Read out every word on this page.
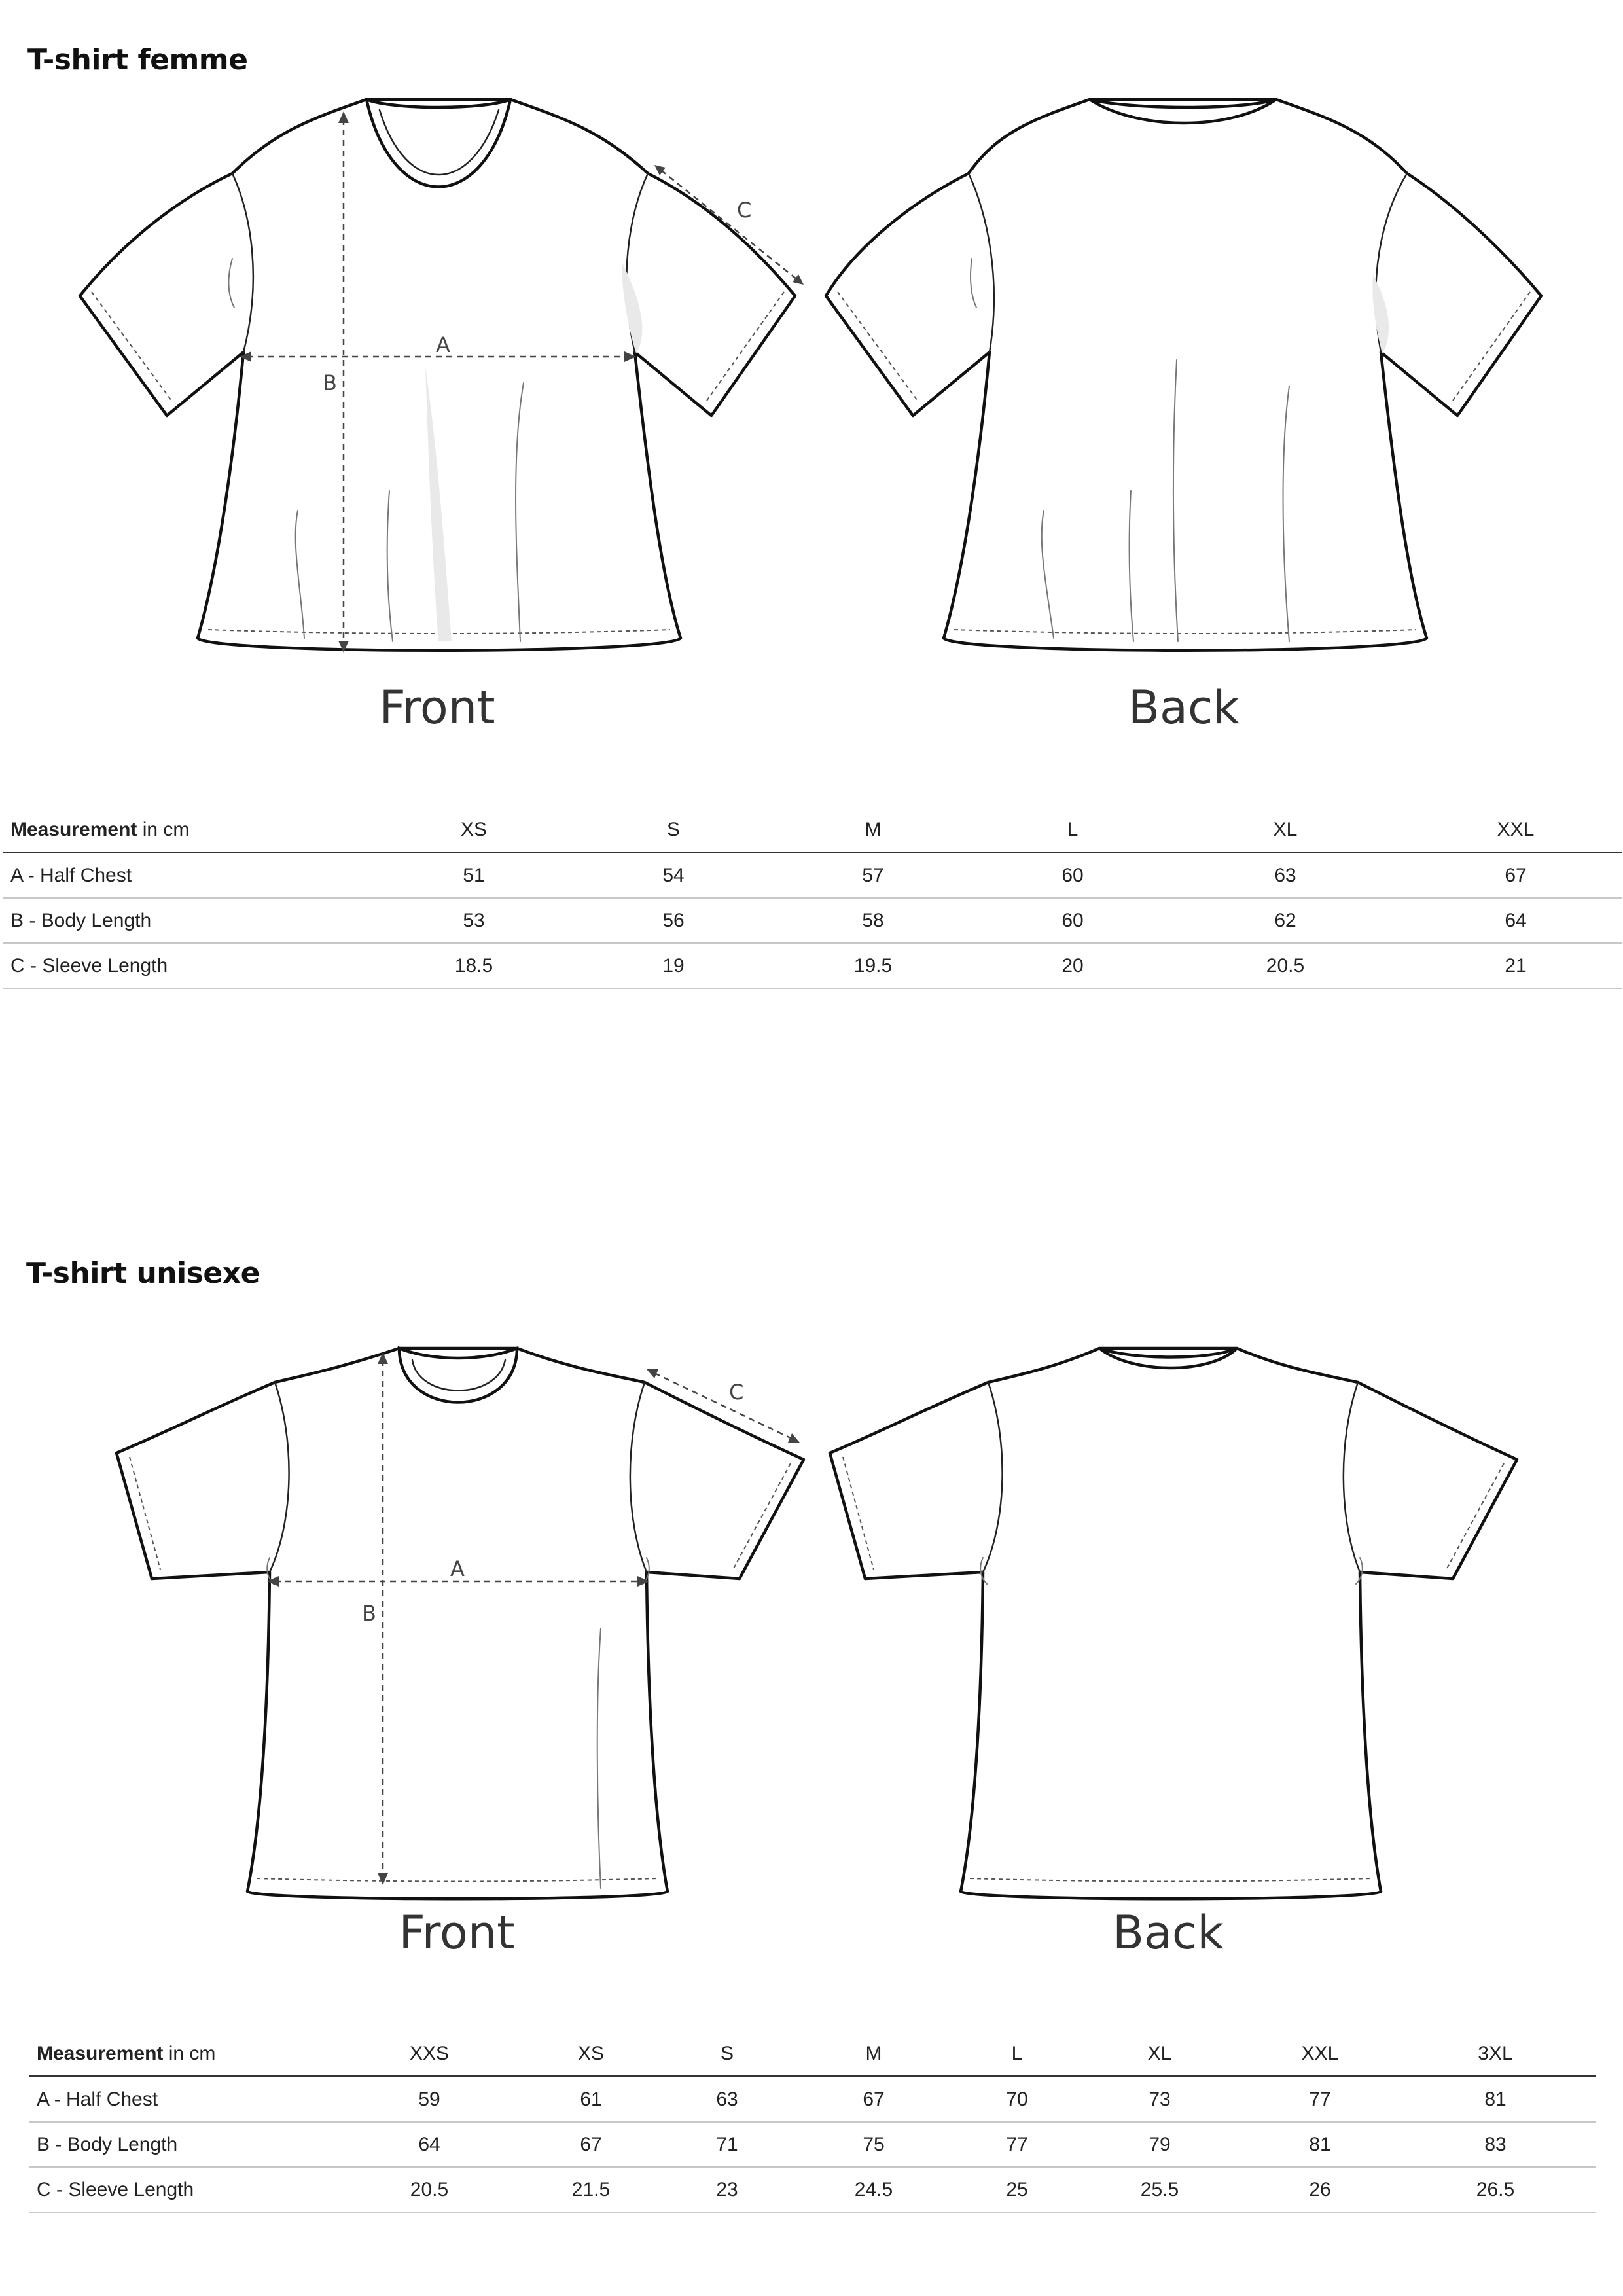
T-shirt femme
A
B
C
Front	Back
Measurement in cm	XS	S	M	L	XL	XXL
A - Half Chest	51	54	57	60	63	67
B - Body Length	53	56	58	60	62	64
C - Sleeve Length	18.5	19	19.5	20	20.5	21
T-shirt unisexe
A
B
C
Front	Back
Measurement in cm	XXS	XS	S	M	L	XL	XXL	3XL
A - Half Chest	59	61	63	67	70	73	77	81
B - Body Length	64	67	71	75	77	79	81	83
C - Sleeve Length	20.5	21.5	23	24.5	25	25.5	26	26.5
